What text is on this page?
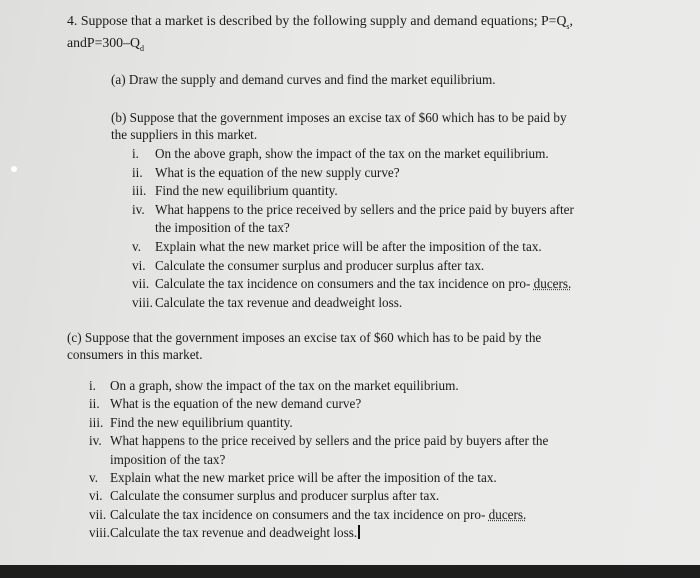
4. Suppose that a market is described by the following supply and demand equations; $P=Q_s$,
$andP=300-Q_d$
(a) Draw the supply and demand curves and find the market equilibrium.
(b) Suppose that the government imposes an excise tax of $60 which has to be paid by
the suppliers in this market.
i. On the above graph, show the impact of the tax on the market equilibrium.
ii. What is the equation of the new supply curve?
iii. Find the new equilibrium quantity.
iv. What happens to the price received by sellers and the price paid by buyers after
the imposition of the tax?
v. Explain what the new market price will be after the imposition of the tax.
vi. Calculate the consumer surplus and producer surplus after tax.
vii. Calculate the tax incidence on consumers and the tax incidence on pro- ducers.
viii. Calculate the tax revenue and deadweight loss.
(c) Suppose that the government imposes an excise tax of $60 which has to be paid by the
consumers in this market.
i. On a graph, show the impact of the tax on the market equilibrium.
ii. What is the equation of the new demand curve?
iii. Find the new equilibrium quantity.
iv. What happens to the price received by sellers and the price paid by buyers after the
imposition of the tax?
v. Explain what the new market price will be after the imposition of the tax.
vi. Calculate the consumer surplus and producer surplus after tax.
vii. Calculate the tax incidence on consumers and the tax incidence on pro- ducers.
viii.Calculate the tax revenue and deadweight loss.
